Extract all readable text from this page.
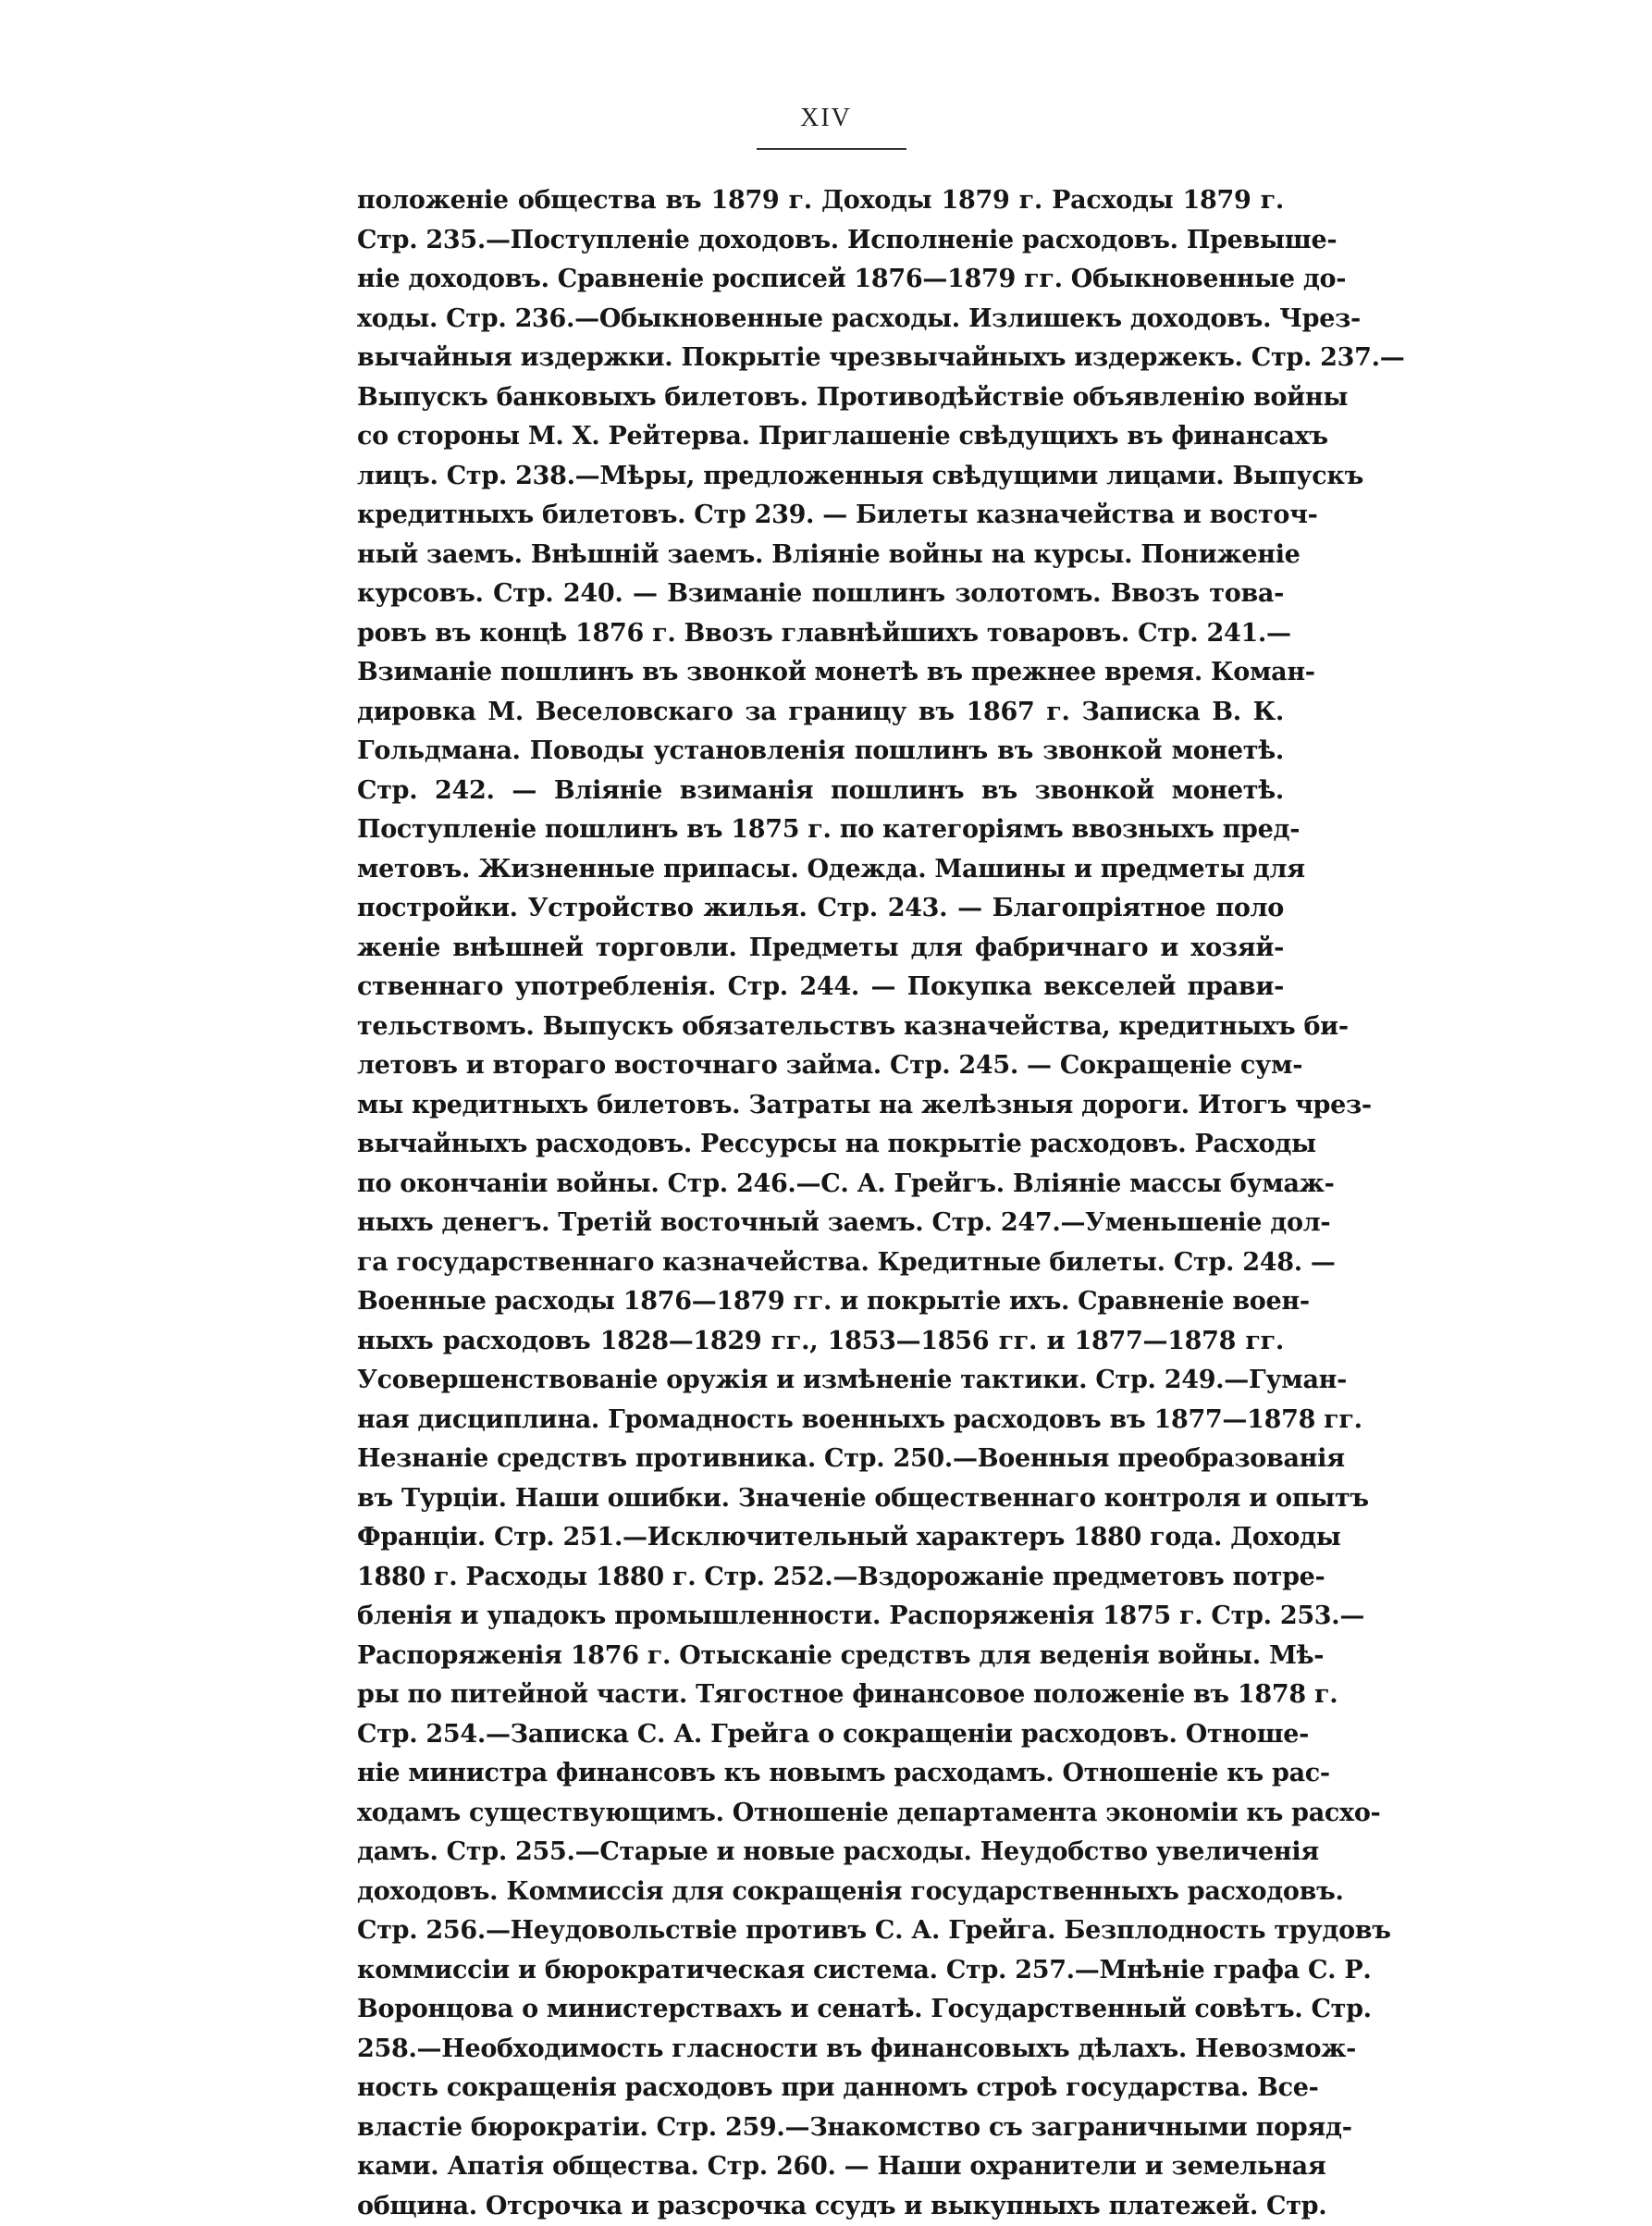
XIV
положеніе общества въ 1879 г. Доходы 1879 г. Расходы 1879 г.
Стр. 235.—Поступленіе доходовъ. Исполненіе расходовъ. Превыше-
ніе доходовъ. Сравненіе росписей 1876—1879 гг. Обыкновенные до-
ходы. Стр. 236.—Обыкновенные расходы. Излишекъ доходовъ. Чрез-
вычайныя издержки. Покрытіе чрезвычайныхъ издержекъ. Стр. 237.—
Выпускъ банковыхъ билетовъ. Противодѣйствіе объявленію войны
со стороны М. Х. Рейтерва. Приглашеніе свѣдущихъ въ финансахъ
лицъ. Стр. 238.—Мѣры, предложенныя свѣдущими лицами. Выпускъ
кредитныхъ билетовъ. Стр 239. — Билеты казначейства и восточ-
ный заемъ. Внѣшній заемъ. Вліяніе войны на курсы. Пониженіе
курсовъ. Стр. 240. — Взиманіе пошлинъ золотомъ. Ввозъ това-
ровъ въ концѣ 1876 г. Ввозъ главнѣйшихъ товаровъ. Стр. 241.—
Взиманіе пошлинъ въ звонкой монетѣ въ прежнее время. Коман-
дировка М. Веселовскаго за границу въ 1867 г. Записка В. К.
Гольдмана. Поводы установленія пошлинъ въ звонкой монетѣ.
Стр. 242. — Вліяніе взиманія пошлинъ въ звонкой монетѣ.
Поступленіе пошлинъ въ 1875 г. по категоріямъ ввозныхъ пред-
метовъ. Жизненные припасы. Одежда. Машины и предметы для
постройки. Устройство жилья. Стр. 243. — Благопріятное поло
женіе внѣшней торговли. Предметы для фабричнаго и хозяй-
ственнаго употребленія. Стр. 244. — Покупка векселей прави-
тельствомъ. Выпускъ обязательствъ казначейства, кредитныхъ би-
летовъ и втораго восточнаго займа. Стр. 245. — Сокращеніе сум-
мы кредитныхъ билетовъ. Затраты на желѣзныя дороги. Итогъ чрез-
вычайныхъ расходовъ. Рессурсы на покрытіе расходовъ. Расходы
по окончаніи войны. Стр. 246.—С. А. Грейгъ. Вліяніе массы бумаж-
ныхъ денегъ. Третій восточный заемъ. Стр. 247.—Уменьшеніе дол-
га государственнаго казначейства. Кредитные билеты. Стр. 248. —
Военные расходы 1876—1879 гг. и покрытіе ихъ. Сравненіе воен-
ныхъ расходовъ 1828—1829 гг., 1853—1856 гг. и 1877—1878 гг.
Усовершенствованіе оружія и измѣненіе тактики. Стр. 249.—Гуман-
ная дисциплина. Громадность военныхъ расходовъ въ 1877—1878 гг.
Незнаніе средствъ противника. Стр. 250.—Военныя преобразованія
въ Турціи. Наши ошибки. Значеніе общественнаго контроля и опытъ
Франціи. Стр. 251.—Исключительный характеръ 1880 года. Доходы
1880 г. Расходы 1880 г. Стр. 252.—Вздорожаніе предметовъ потре-
бленія и упадокъ промышленности. Распоряженія 1875 г. Стр. 253.—
Распоряженія 1876 г. Отысканіе средствъ для веденія войны. Мѣ-
ры по питейной части. Тягостное финансовое положеніе въ 1878 г.
Стр. 254.—Записка С. А. Грейга о сокращеніи расходовъ. Отноше-
ніе министра финансовъ къ новымъ расходамъ. Отношеніе къ рас-
ходамъ существующимъ. Отношеніе департамента экономіи къ расхо-
дамъ. Стр. 255.—Старые и новые расходы. Неудобство увеличенія
доходовъ. Коммиссія для сокращенія государственныхъ расходовъ.
Стр. 256.—Неудовольствіе противъ С. А. Грейга. Безплодность трудовъ
коммиссіи и бюрократическая система. Стр. 257.—Мнѣніе графа С. Р.
Воронцова о министерствахъ и сенатѣ. Государственный совѣтъ. Стр.
258.—Необходимость гласности въ финансовыхъ дѣлахъ. Невозмож-
ность сокращенія расходовъ при данномъ строѣ государства. Все-
властіе бюрократіи. Стр. 259.—Знакомство съ заграничными поряд-
ками. Апатія общества. Стр. 260. — Наши охранители и земельная
община. Отсрочка и разсрочка ссудъ и выкупныхъ платежей. Стр.
